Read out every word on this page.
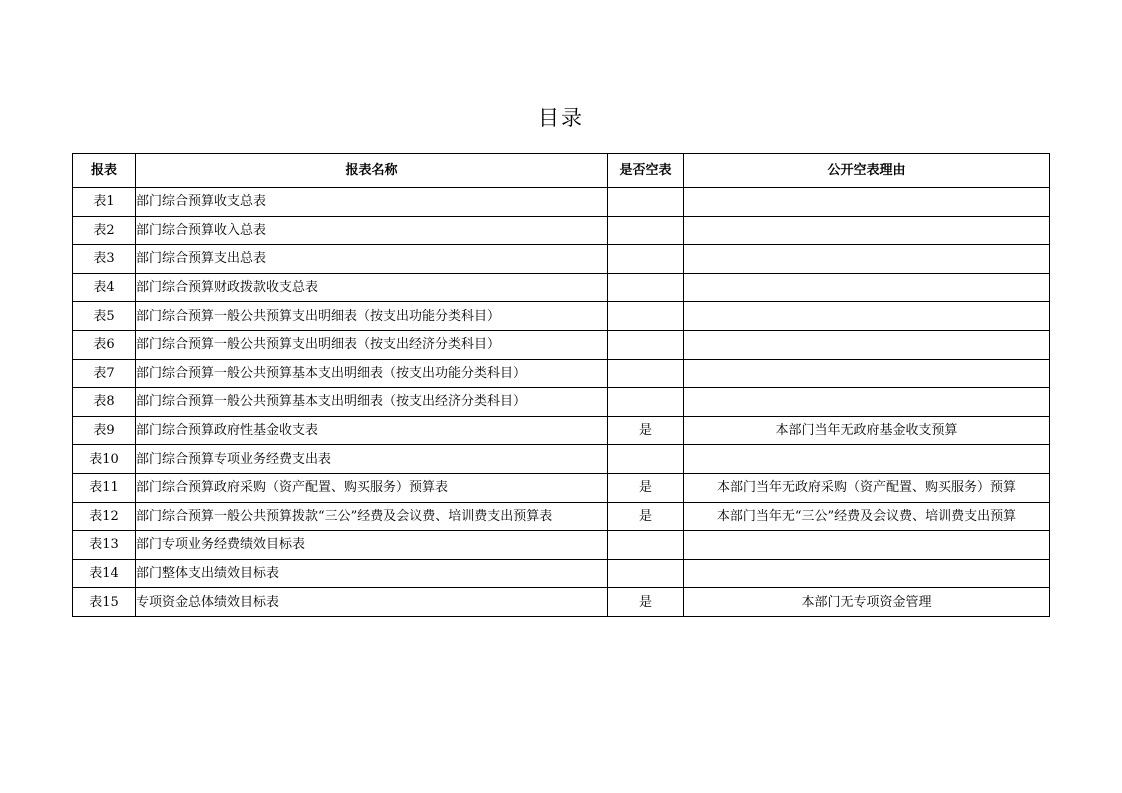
目录
报表	报表名称	是否空表	公开空表理由
表1	部门综合预算收支总表		
表2	部门综合预算收入总表		
表3	部门综合预算支出总表		
表4	部门综合预算财政拨款收支总表		
表5	部门综合预算一般公共预算支出明细表（按支出功能分类科目）		
表6	部门综合预算一般公共预算支出明细表（按支出经济分类科目）		
表7	部门综合预算一般公共预算基本支出明细表（按支出功能分类科目）		
表8	部门综合预算一般公共预算基本支出明细表（按支出经济分类科目）		
表9	部门综合预算政府性基金收支表	是	本部门当年无政府基金收支预算
表10	部门综合预算专项业务经费支出表		
表11	部门综合预算政府采购（资产配置、购买服务）预算表	是	本部门当年无政府采购（资产配置、购买服务）预算
表12	部门综合预算一般公共预算拨款“三公”经费及会议费、培训费支出预算表	是	本部门当年无“三公”经费及会议费、培训费支出预算
表13	部门专项业务经费绩效目标表		
表14	部门整体支出绩效目标表		
表15	专项资金总体绩效目标表	是	本部门无专项资金管理
